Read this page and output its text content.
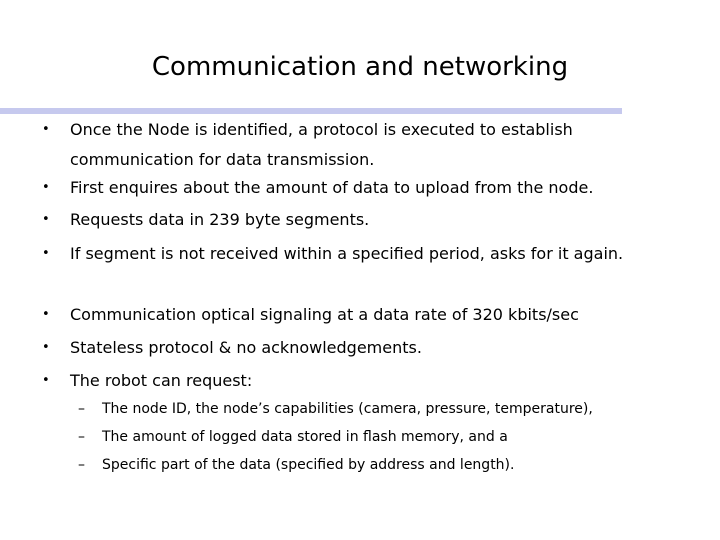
Communication and networking
•	Once the Node is identified, a protocol is executed to establish communication for data transmission.
•	First enquires about the amount of data to upload from the node.
•	Requests data in 239 byte segments.
•	If segment is not received within a specified period, asks for it again.
•	Communication optical signaling at a data rate of 320 kbits/sec
•	Stateless protocol & no acknowledgements.
•	The robot can request:
– The node ID, the node’s capabilities (camera, pressure, temperature),
– The amount of logged data stored in flash memory, and a
– Specific part of the data (specified by address and length).
